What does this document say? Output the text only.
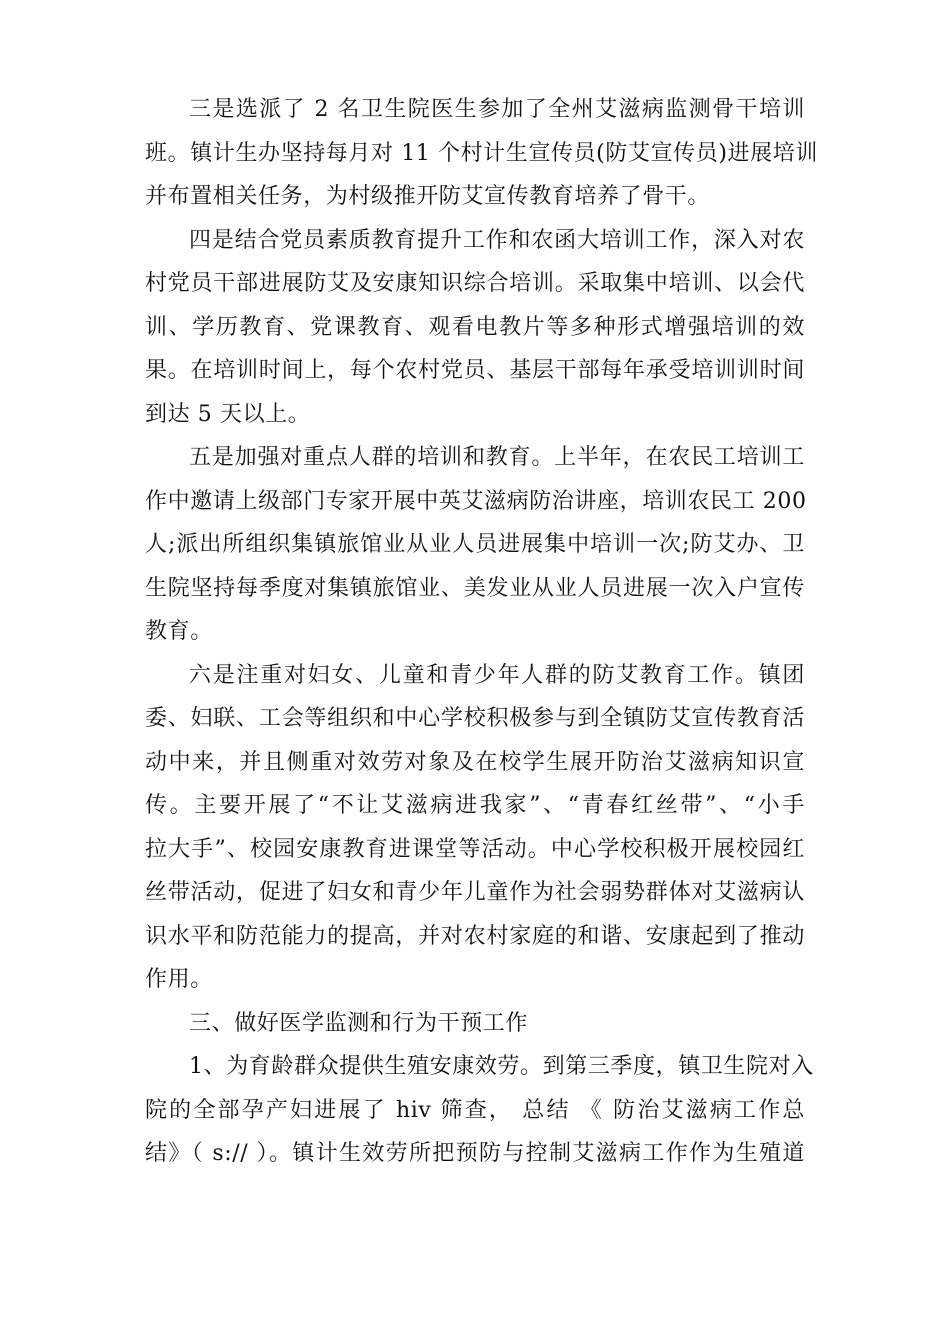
三是选派了 2 名卫生院医生参加了全州艾滋病监测骨干培训
班。镇计生办坚持每月对 11 个村计生宣传员(防艾宣传员)进展培训
并布置相关任务，为村级推开防艾宣传教育培养了骨干。
四是结合党员素质教育提升工作和农函大培训工作，深入对农
村党员干部进展防艾及安康知识综合培训。采取集中培训、以会代
训、学历教育、党课教育、观看电教片等多种形式增强培训的效
果。在培训时间上，每个农村党员、基层干部每年承受培训训时间
到达 5 天以上。
五是加强对重点人群的培训和教育。上半年，在农民工培训工
作中邀请上级部门专家开展中英艾滋病防治讲座，培训农民工 200
人;派出所组织集镇旅馆业从业人员进展集中培训一次;防艾办、卫
生院坚持每季度对集镇旅馆业、美发业从业人员进展一次入户宣传
教育。
六是注重对妇女、儿童和青少年人群的防艾教育工作。镇团
委、妇联、工会等组织和中心学校积极参与到全镇防艾宣传教育活
动中来，并且侧重对效劳对象及在校学生展开防治艾滋病知识宣
传。主要开展了“不让艾滋病进我家”、“青春红丝带”、“小手
拉大手”、校园安康教育进课堂等活动。中心学校积极开展校园红
丝带活动，促进了妇女和青少年儿童作为社会弱势群体对艾滋病认
识水平和防范能力的提高，并对农村家庭的和谐、安康起到了推动
作用。
三、做好医学监测和行为干预工作
1、为育龄群众提供生殖安康效劳。到第三季度，镇卫生院对入
院的全部孕产妇进展了 hiv 筛查， 总结 《 防治艾滋病工作总
结》（ s:// ）。镇计生效劳所把预防与控制艾滋病工作作为生殖道
